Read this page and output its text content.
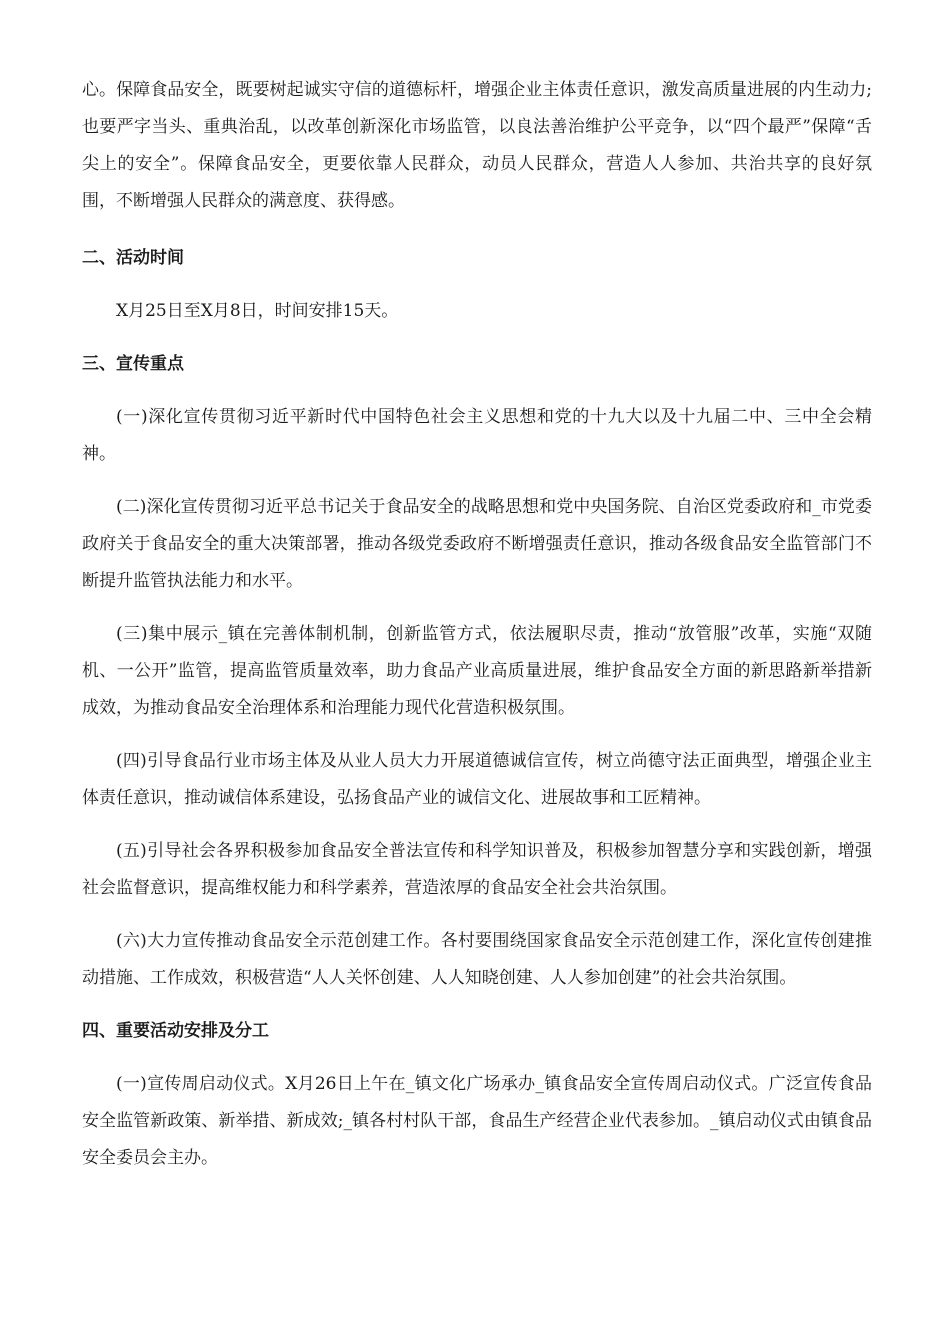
心。保障食品安全，既要树起诚实守信的道德标杆，增强企业主体责任意识，激发高质量进展的内生动力;也要严字当头、重典治乱，以改革创新深化市场监管，以良法善治维护公平竞争，以“四个最严”保障“舌尖上的安全”。保障食品安全，更要依靠人民群众，动员人民群众，营造人人参加、共治共享的良好氛围，不断增强人民群众的满意度、获得感。

二、活动时间

X月25日至X月8日，时间安排15天。

三、宣传重点

(一)深化宣传贯彻习近平新时代中国特色社会主义思想和党的十九大以及十九届二中、三中全会精神。

(二)深化宣传贯彻习近平总书记关于食品安全的战略思想和党中央国务院、自治区党委政府和_市党委政府关于食品安全的重大决策部署，推动各级党委政府不断增强责任意识，推动各级食品安全监管部门不断提升监管执法能力和水平。

(三)集中展示_镇在完善体制机制，创新监管方式，依法履职尽责，推动“放管服”改革，实施“双随机、一公开”监管，提高监管质量效率，助力食品产业高质量进展，维护食品安全方面的新思路新举措新成效，为推动食品安全治理体系和治理能力现代化营造积极氛围。

(四)引导食品行业市场主体及从业人员大力开展道德诚信宣传，树立尚德守法正面典型，增强企业主体责任意识，推动诚信体系建设，弘扬食品产业的诚信文化、进展故事和工匠精神。

(五)引导社会各界积极参加食品安全普法宣传和科学知识普及，积极参加智慧分享和实践创新，增强社会监督意识，提高维权能力和科学素养，营造浓厚的食品安全社会共治氛围。

(六)大力宣传推动食品安全示范创建工作。各村要围绕国家食品安全示范创建工作，深化宣传创建推动措施、工作成效，积极营造“人人关怀创建、人人知晓创建、人人参加创建”的社会共治氛围。

四、重要活动安排及分工

(一)宣传周启动仪式。X月26日上午在_镇文化广场承办_镇食品安全宣传周启动仪式。广泛宣传食品安全监管新政策、新举措、新成效;_镇各村村队干部，食品生产经营企业代表参加。_镇启动仪式由镇食品安全委员会主办。
